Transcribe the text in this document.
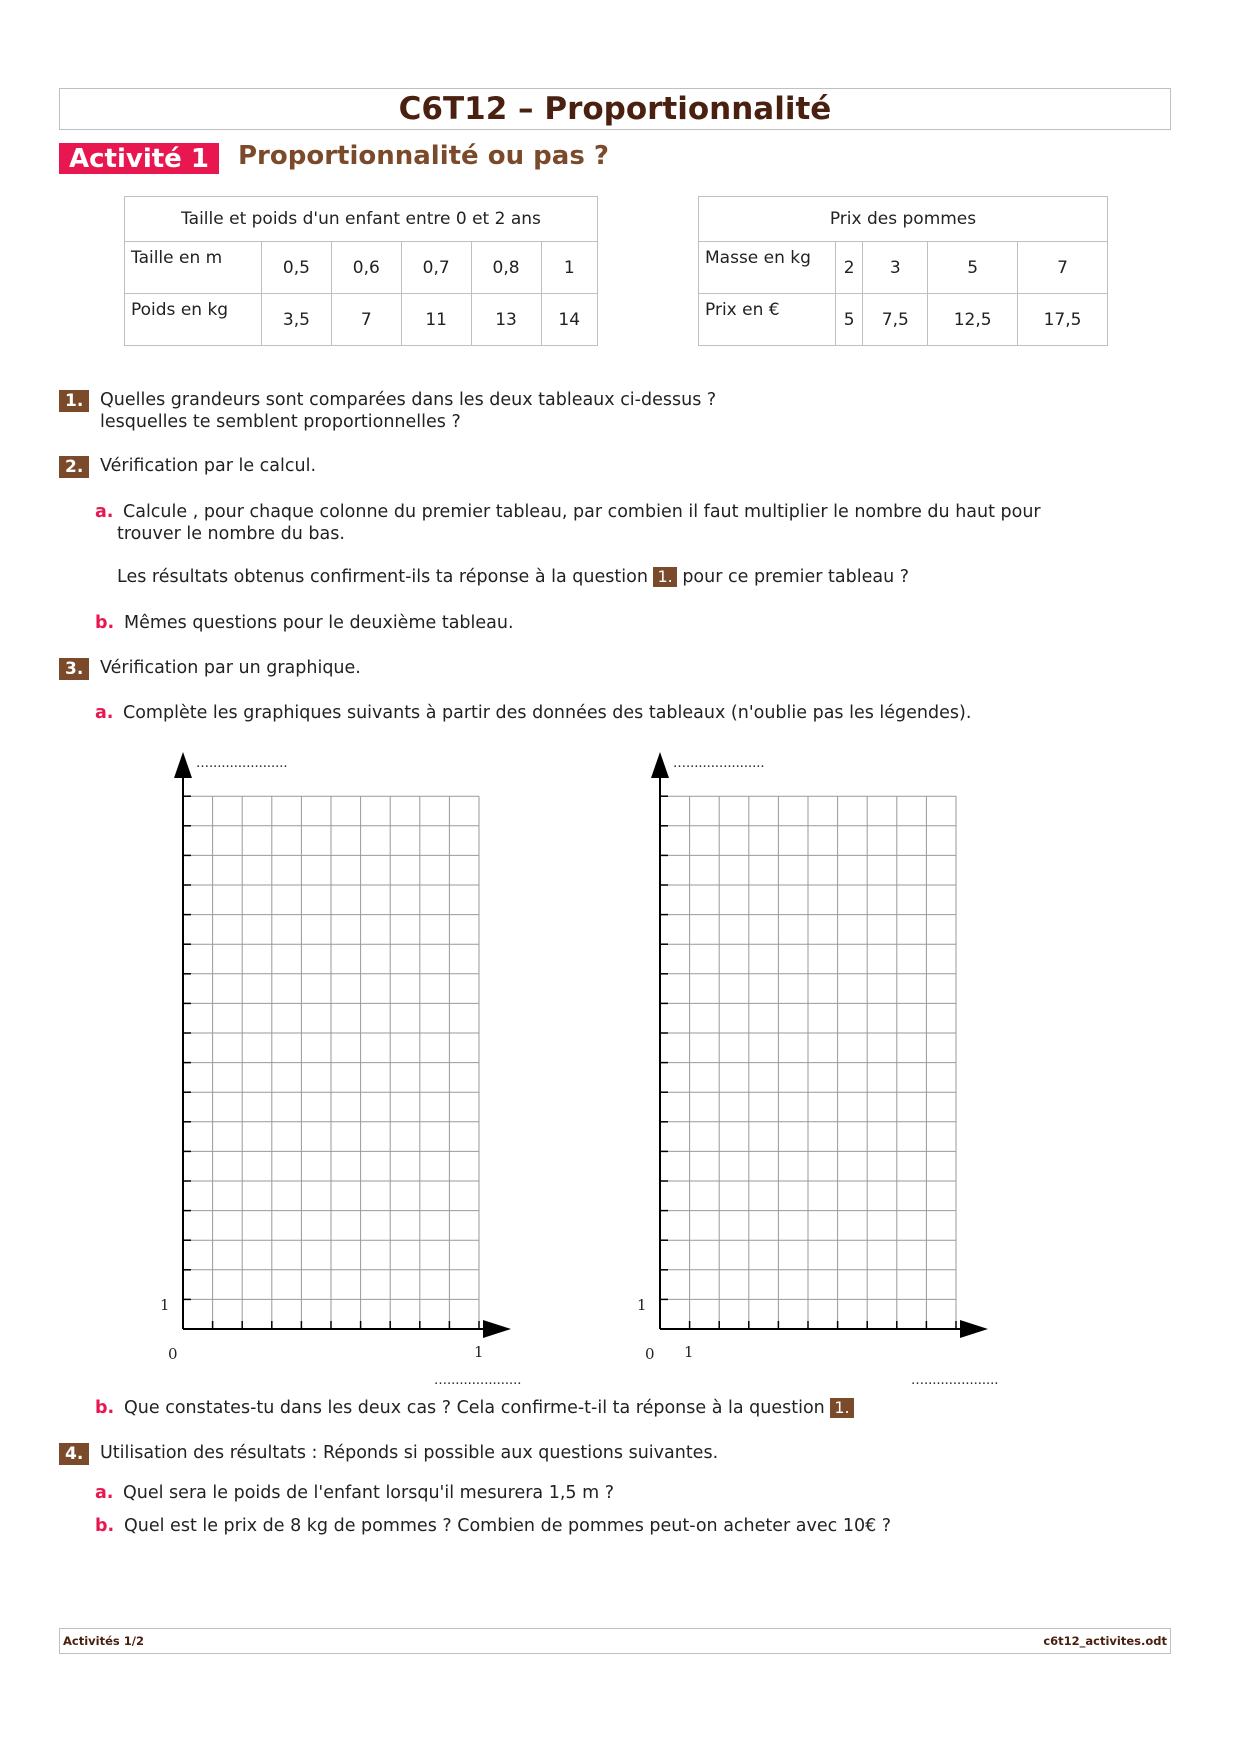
C6T12 – Proportionnalité
Activité 1	Proportionnalité ou pas ?
Taille et poids d'un enfant entre 0 et 2 ans					
Taille en m	0,5	0,6	0,7	0,8	1
Poids en kg	3,5	7	11	13	14
Prix des pommes				
Masse en kg	2	3	5	7
Prix en €	5	7,5	12,5	17,5
1. Quelles grandeurs sont comparées dans les deux tableaux ci-dessus ?
lesquelles te semblent proportionnelles ?
2. Vérification par le calcul.
a. Calcule , pour chaque colonne du premier tableau, par combien il faut multiplier le nombre du haut pour
trouver le nombre du bas.
Les résultats obtenus confirment-ils ta réponse à la question 1. pour ce premier tableau ?
b. Mêmes questions pour le deuxième tableau.
3. Vérification par un graphique.
a. Complète les graphiques suivants à partir des données des tableaux (n'oublie pas les légendes).
…...................
…..................
0	1
1
…...................
…..................
0 1
1
b. Que constates-tu dans les deux cas ? Cela confirme-t-il ta réponse à la question 1.
4. Utilisation des résultats : Réponds si possible aux questions suivantes.
a. Quel sera le poids de l'enfant lorsqu'il mesurera 1,5 m ?
b. Quel est le prix de 8 kg de pommes ? Combien de pommes peut-on acheter avec 10€ ?
Activités 1/2	c6t12_activites.odt
